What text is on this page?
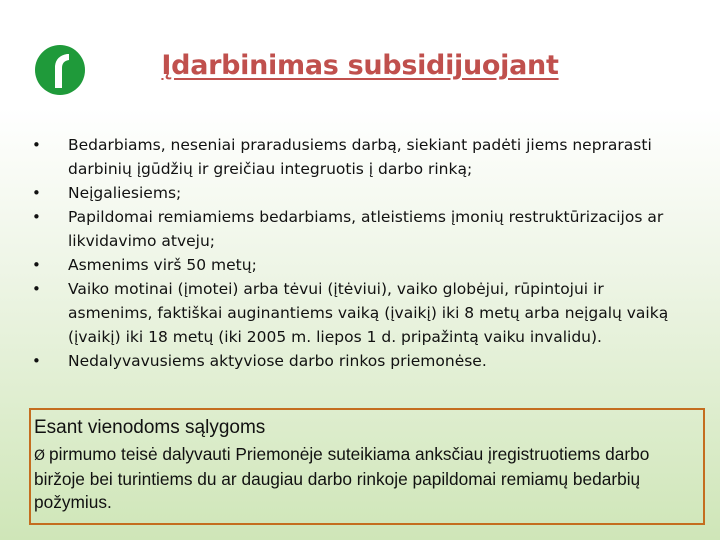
Įdarbinimas subsidijuojant
• Bedarbiams, neseniai praradusiems darbą, siekiant padėti jiems neprarasti darbinių įgūdžių ir greičiau integruotis į darbo rinką;
• Neįgaliesiems;
• Papildomai remiamiems bedarbiams, atleistiems įmonių restruktūrizacijos ar likvidavimo atveju;
• Asmenims virš 50 metų;
• Vaiko motinai (įmotei) arba tėvui (įtėviui), vaiko globėjui, rūpintojui ir asmenims, faktiškai auginantiems vaiką (įvaikį) iki 8 metų arba neįgalų vaiką (įvaikį) iki 18 metų (iki 2005 m. liepos 1 d. pripažintą vaiku invalidu).
• Nedalyvavusiems aktyviose darbo rinkos priemonėse.
Esant vienodoms sąlygoms

Ø pirmumo teisė dalyvauti Priemonėje suteikiama anksčiau įregistruotiems darbo biržoje bei turintiems du ar daugiau darbo rinkoje papildomai remiamų bedarbių požymius.
